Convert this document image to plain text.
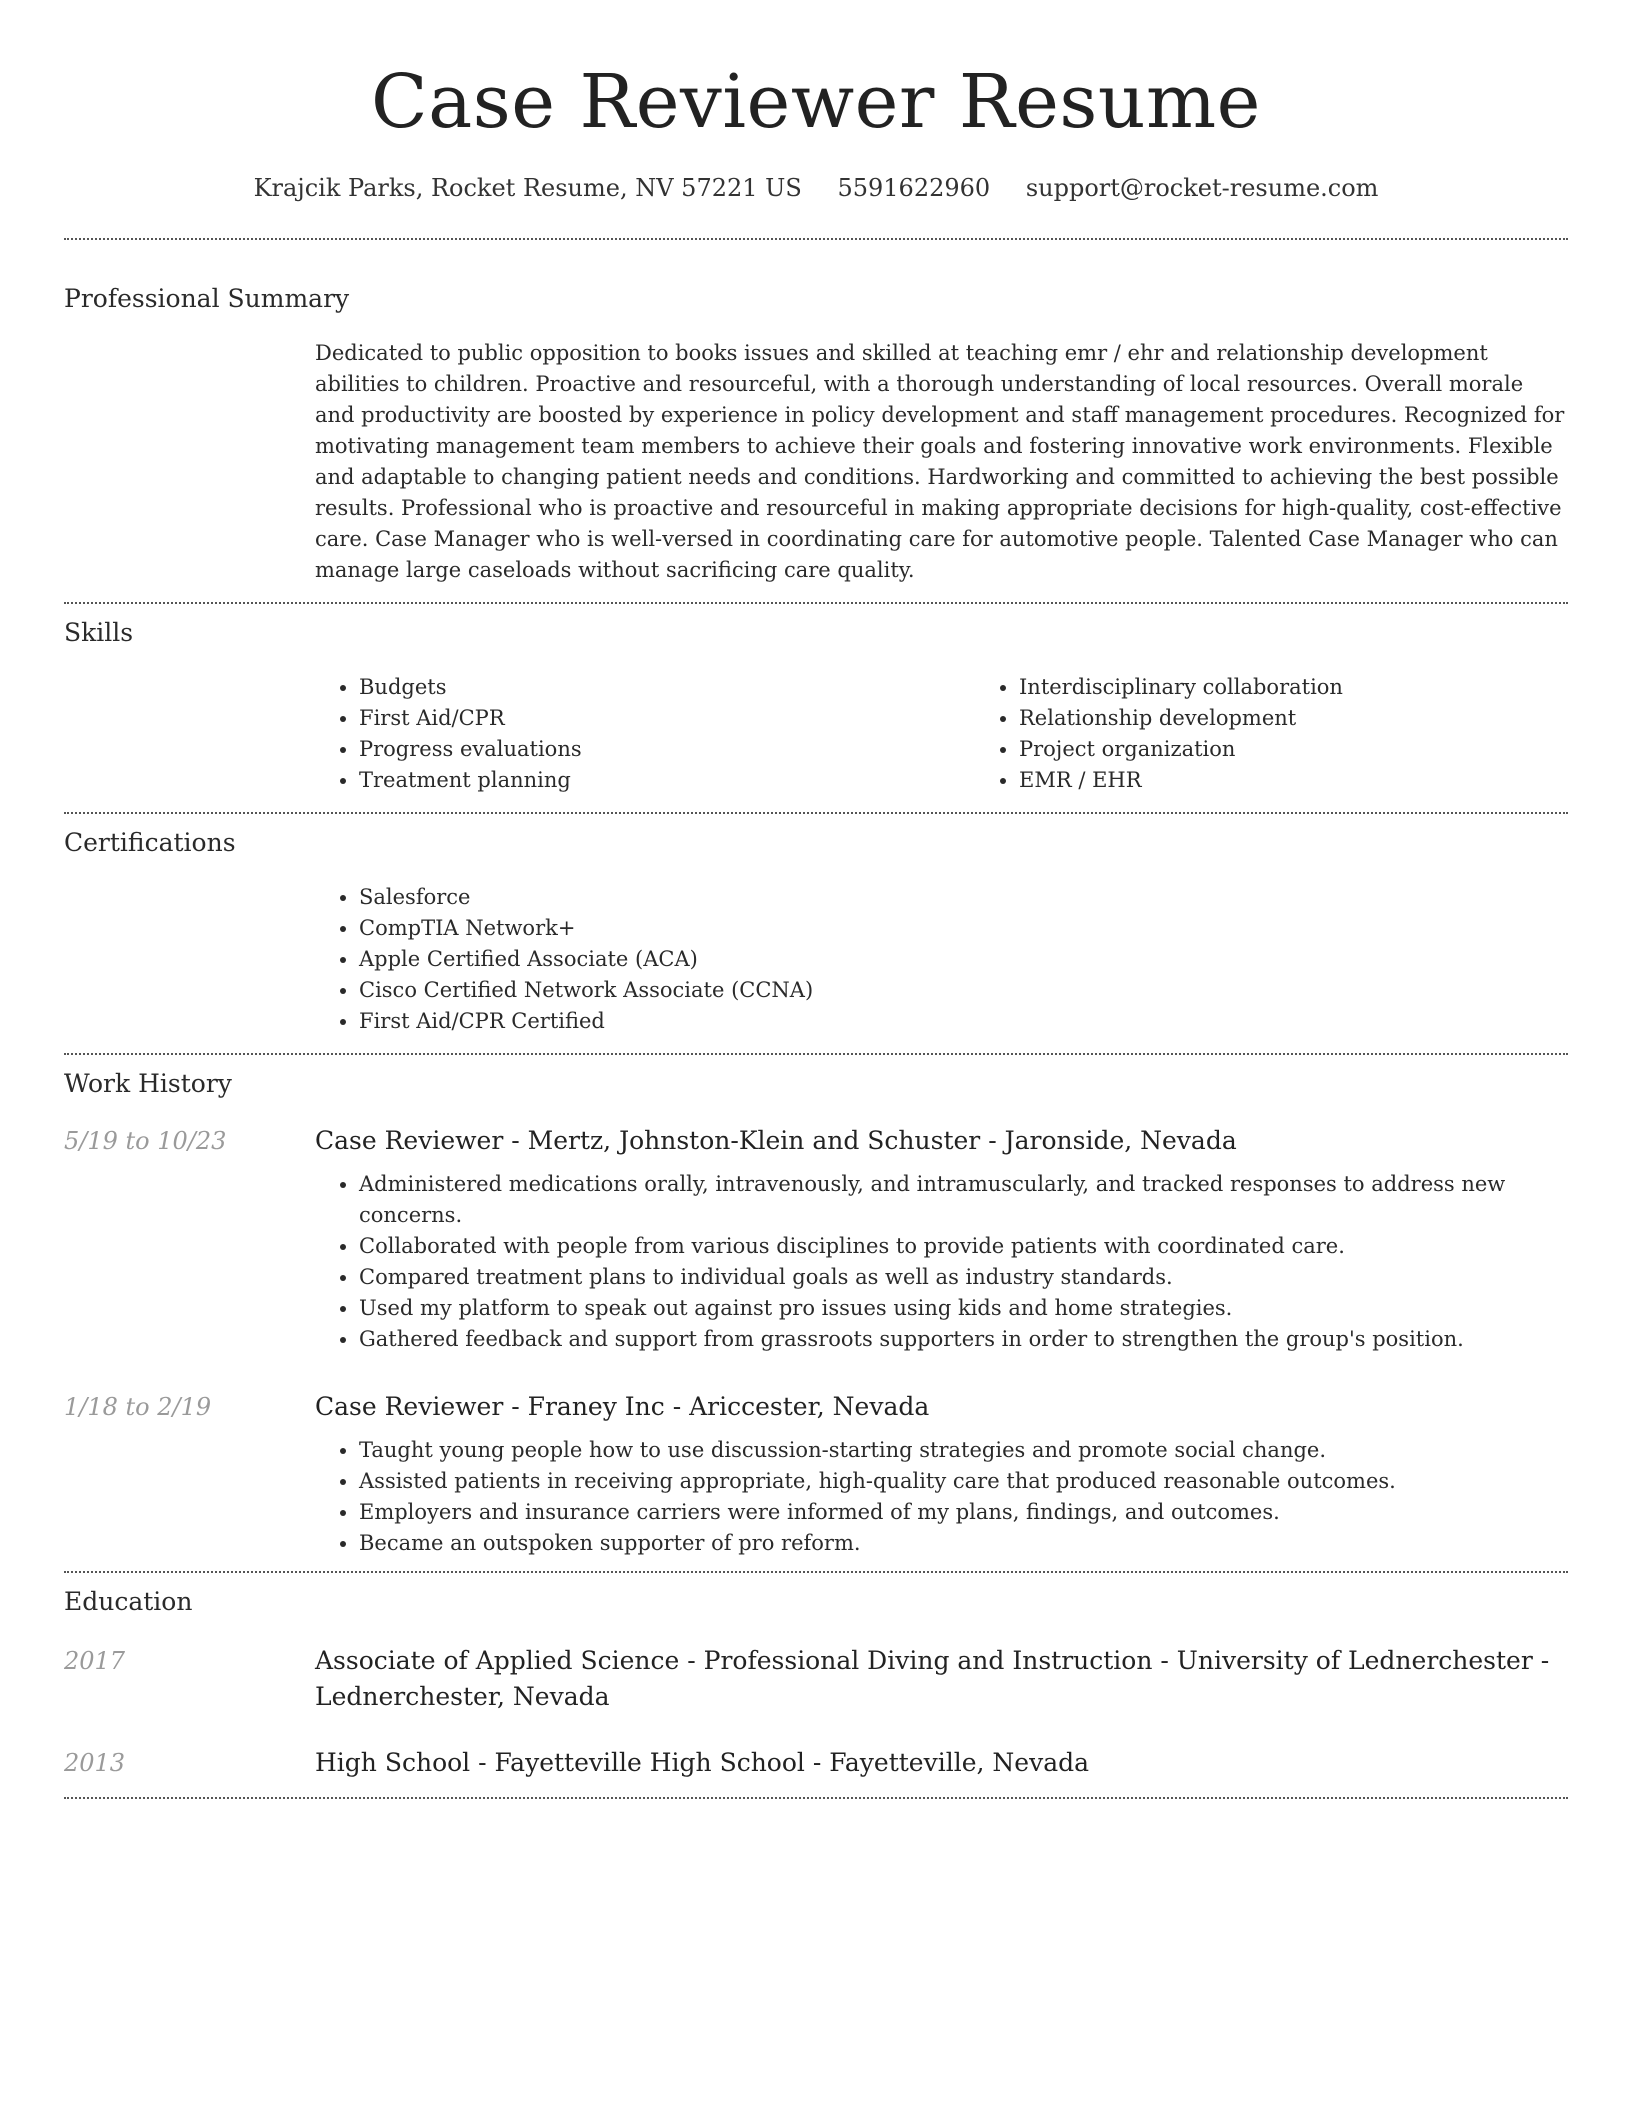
Case Reviewer Resume
Krajcik Parks, Rocket Resume, NV 57221 US 5591622960 support@rocket-resume.com
Professional Summary

Dedicated to public opposition to books issues and skilled at teaching emr / ehr and relationship development abilities to children. Proactive and resourceful, with a thorough understanding of local resources. Overall morale and productivity are boosted by experience in policy development and staff management procedures. Recognized for motivating management team members to achieve their goals and fostering innovative work environments. Flexible and adaptable to changing patient needs and conditions. Hardworking and committed to achieving the best possible results. Professional who is proactive and resourceful in making appropriate decisions for high-quality, cost-effective care. Case Manager who is well-versed in coordinating care for automotive people. Talented Case Manager who can manage large caseloads without sacrificing care quality.

Skills
• Budgets
• First Aid/CPR
• Progress evaluations
• Treatment planning
• Interdisciplinary collaboration
• Relationship development
• Project organization
• EMR / EHR
Certifications
• Salesforce
• CompTIA Network+
• Apple Certified Associate (ACA)
• Cisco Certified Network Associate (CCNA)
• First Aid/CPR Certified
Work History
5/19 to 10/23	Case Reviewer - Mertz, Johnston-Klein and Schuster - Jaronside, Nevada
• Administered medications orally, intravenously, and intramuscularly, and tracked responses to address new concerns.
• Collaborated with people from various disciplines to provide patients with coordinated care.
• Compared treatment plans to individual goals as well as industry standards.
• Used my platform to speak out against pro issues using kids and home strategies.
• Gathered feedback and support from grassroots supporters in order to strengthen the group's position.
1/18 to 2/19	Case Reviewer - Franey Inc - Ariccester, Nevada
• Taught young people how to use discussion-starting strategies and promote social change.
• Assisted patients in receiving appropriate, high-quality care that produced reasonable outcomes.
• Employers and insurance carriers were informed of my plans, findings, and outcomes.
• Became an outspoken supporter of pro reform.
Education
2017	Associate of Applied Science - Professional Diving and Instruction - University of Lednerchester - Lednerchester, Nevada
2013	High School - Fayetteville High School - Fayetteville, Nevada
